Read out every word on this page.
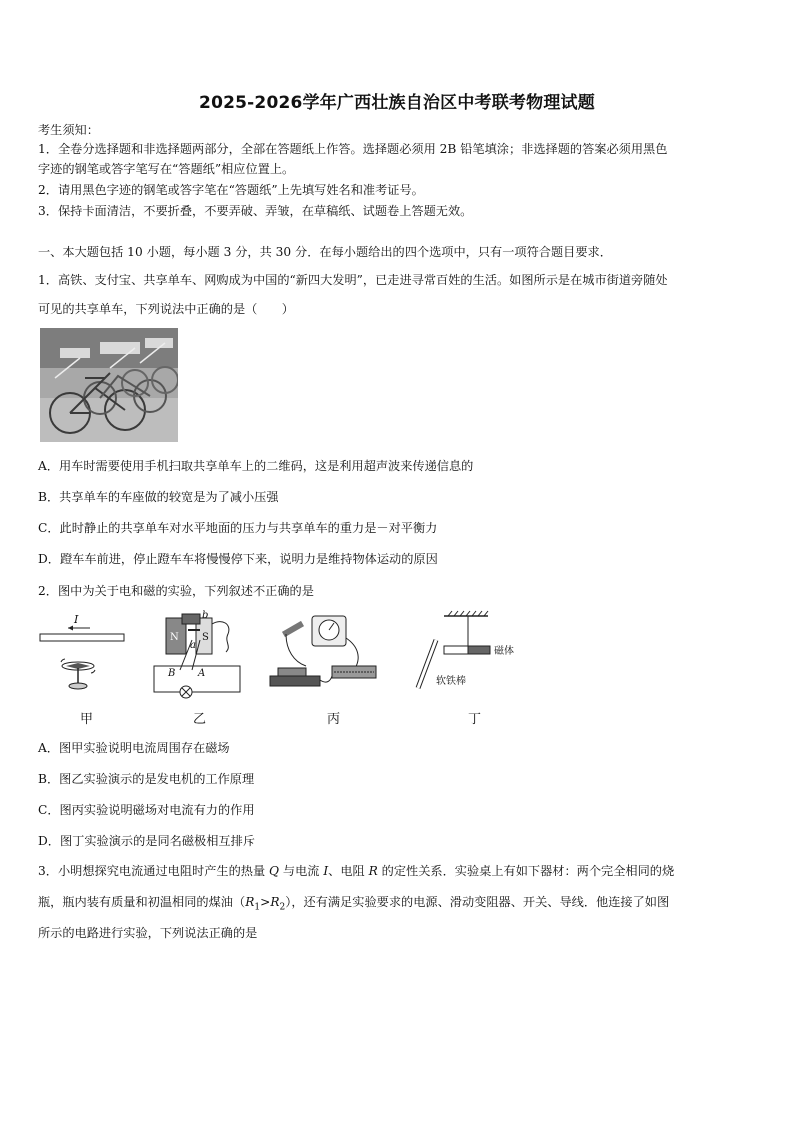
2025-2026学年广西壮族自治区中考联考物理试题
考生须知：
1．全卷分选择题和非选择题两部分，全部在答题纸上作答。选择题必须用 2B 铅笔填涂；非选择题的答案必须用黑色
字迹的钢笔或答字笔写在“答题纸”相应位置上。
2．请用黑色字迹的钢笔或答字笔在“答题纸”上先填写姓名和准考证号。
3．保持卡面清洁，不要折叠，不要弄破、弄皱，在草稿纸、试题卷上答题无效。
一、本大题包括 10 小题，每小题 3 分，共 30 分．在每小题给出的四个选项中，只有一项符合题目要求．
1．高铁、支付宝、共享单车、网购成为中国的“新四大发明”，已走进寻常百姓的生活。如图所示是在城市街道旁随处
可见的共享单车，下列说法中正确的是（　　）
A．用车时需要使用手机扫取共享单车上的二维码，这是利用超声波来传递信息的
B．共享单车的车座做的较宽是为了减小压强
C．此时静止的共享单车对水平地面的压力与共享单车的重力是－对平衡力
D．蹬车车前进，停止蹬车车将慢慢停下来，说明力是维持物体运动的原因
2．图中为关于电和磁的实验，下列叙述不正确的是
I
N S
B A
a
b
磁体
软铁棒
甲	乙	丙	丁
A．图甲实验说明电流周围存在磁场
B．图乙实验演示的是发电机的工作原理
C．图丙实验说明磁场对电流有力的作用
D．图丁实验演示的是同名磁极相互排斥
3．小明想探究电流通过电阻时产生的热量 Q 与电流 I、电阻 R 的定性关系．实验桌上有如下器材：两个完全相同的烧
瓶，瓶内装有质量和初温相同的煤油$(R_1>R_2)$，还有满足实验要求的电源、滑动变阻器、开关、导线．他连接了如图
所示的电路进行实验，下列说法正确的是
